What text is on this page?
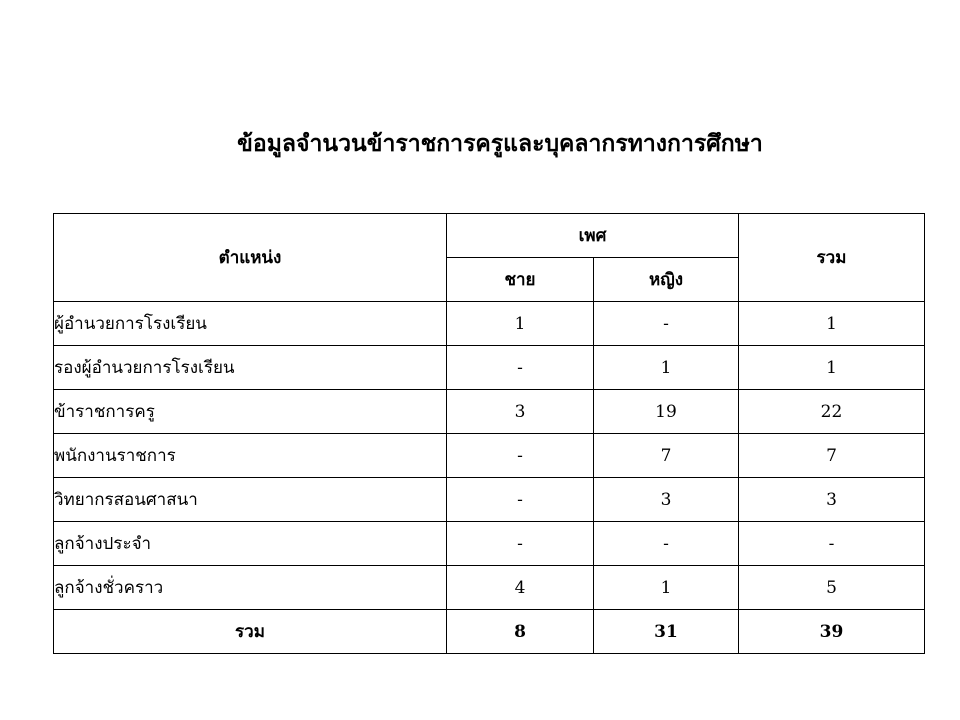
ข้อมูลจำนวนข้าราชการครูและบุคลากรทางการศึกษา
ตำแหน่ง	เพศ		รวม
	ชาย	หญิง	
ผู้อำนวยการโรงเรียน	1	-	1
รองผู้อำนวยการโรงเรียน	-	1	1
ข้าราชการครู	3	19	22
พนักงานราชการ	-	7	7
วิทยากรสอนศาสนา	-	3	3
ลูกจ้างประจำ	-	-	-
ลูกจ้างชั่วคราว	4	1	5
รวม	8	31	39
